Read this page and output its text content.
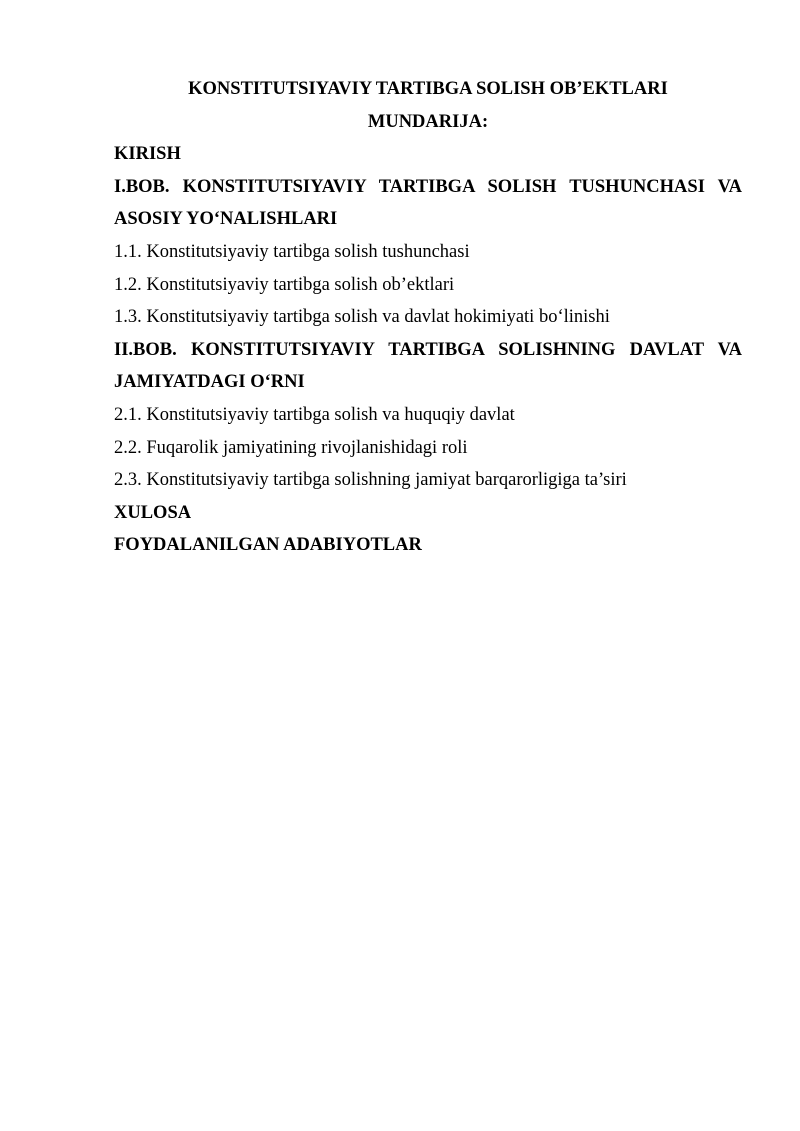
KONSTITUTSIYAVIY TARTIBGA SOLISH OB’EKTLARI

MUNDARIJA:

KIRISH

I.BOB. KONSTITUTSIYAVIY TARTIBGA SOLISH TUSHUNCHASI VA

ASOSIY YO‘NALISHLARI

1.1. Konstitutsiyaviy tartibga solish tushunchasi

1.2. Konstitutsiyaviy tartibga solish ob’ektlari

1.3. Konstitutsiyaviy tartibga solish va davlat hokimiyati bo‘linishi

II.BOB. KONSTITUTSIYAVIY TARTIBGA SOLISHNING DAVLAT VA

JAMIYATDAGI O‘RNI

2.1. Konstitutsiyaviy tartibga solish va huquqiy davlat

2.2. Fuqarolik jamiyatining rivojlanishidagi roli

2.3. Konstitutsiyaviy tartibga solishning jamiyat barqarorligiga ta’siri

XULOSA

FOYDALANILGAN ADABIYOTLAR
